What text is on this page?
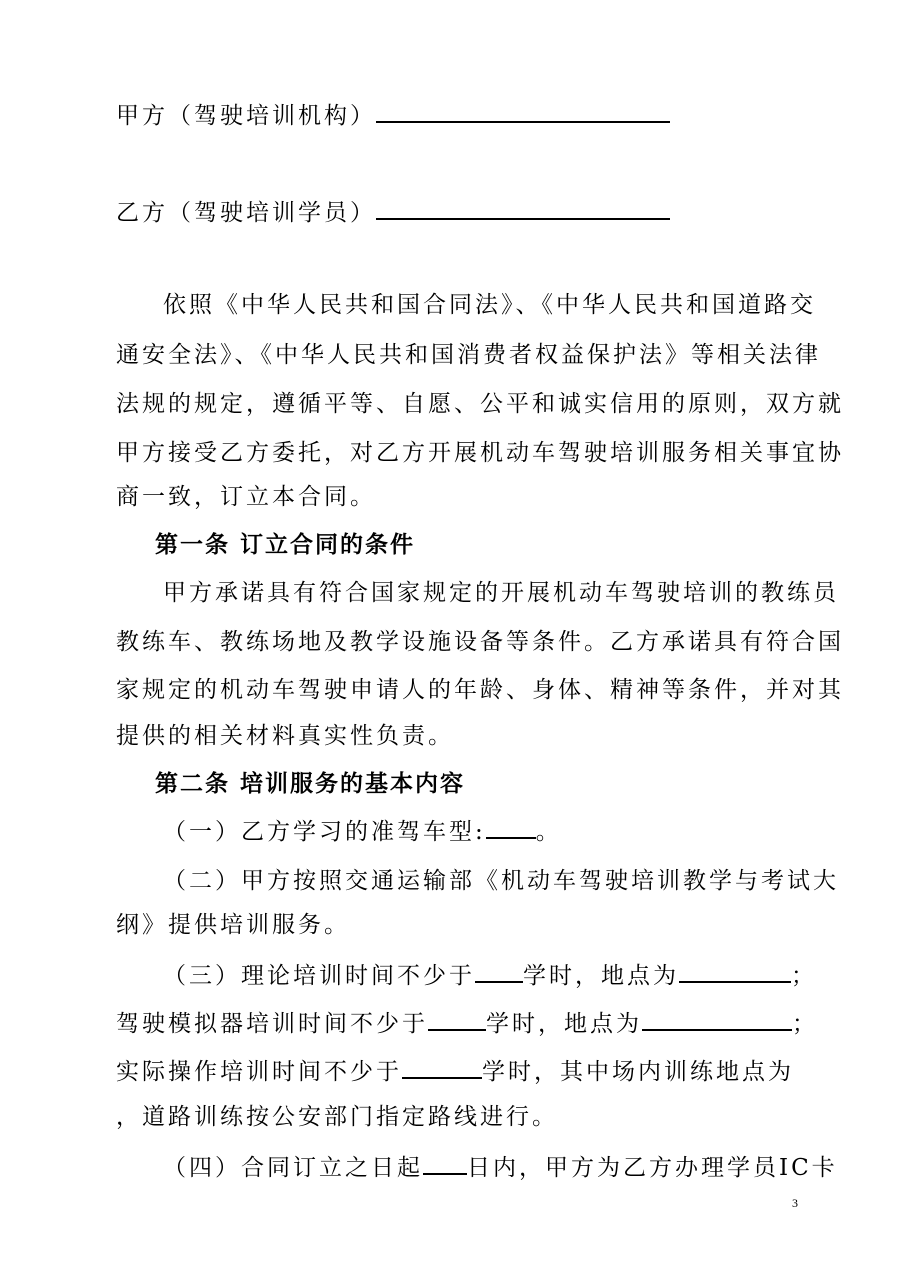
甲方（驾驶培训机构）
乙方（驾驶培训学员）
依照《中华人民共和国合同法》、《中华人民共和国道路交
通安全法》、《中华人民共和国消费者权益保护法》等相关法律
法规的规定，遵循平等、自愿、公平和诚实信用的原则，双方就
甲方接受乙方委托，对乙方开展机动车驾驶培训服务相关事宜协
商一致，订立本合同。
第一条 订立合同的条件
甲方承诺具有符合国家规定的开展机动车驾驶培训的教练员
教练车、教练场地及教学设施设备等条件。乙方承诺具有符合国
家规定的机动车驾驶申请人的年龄、身体、精神等条件，并对其
提供的相关材料真实性负责。
第二条 培训服务的基本内容
（一）乙方学习的准驾车型: 。
（二）甲方按照交通运输部《机动车驾驶培训教学与考试大
纲》提供培训服务。
（三）理论培训时间不少于 学时，地点为	；
驾驶模拟器培训时间不少于	学时，地点为	；
实际操作培训时间不少于	学时，其中场内训练地点为
，道路训练按公安部门指定路线进行。
（四）合同订立之日起 日内，甲方为乙方办理学员IC卡
3
